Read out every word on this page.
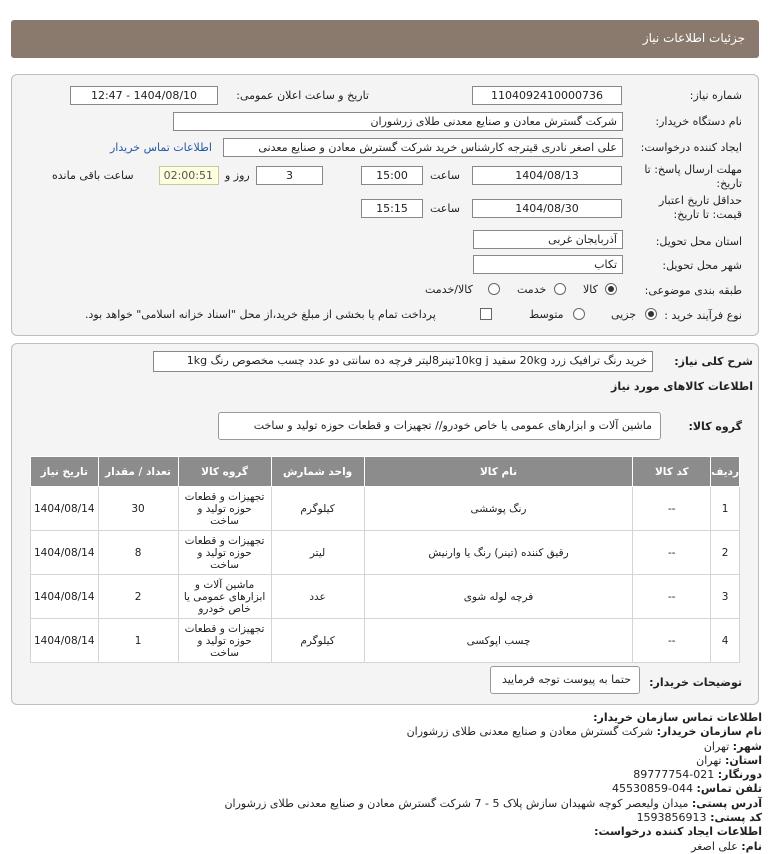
جزئیات اطلاعات نیاز
شماره نیاز:
1104092410000736
تاریخ و ساعت اعلان عمومی:
1404/08/10 - 12:47
نام دستگاه خریدار:
شرکت گسترش معادن و صنایع معدنی طلای زرشوران
ایجاد کننده درخواست:
علی اصغر نادری قیترجه کارشناس خرید شرکت گسترش معادن و صنایع معدنی
اطلاعات تماس خریدار
مهلت ارسال پاسخ: تا تاریخ:
1404/08/13
ساعت
15:00
3
روز و
02:00:51
ساعت باقی مانده
حداقل تاریخ اعتبار قیمت: تا تاریخ:
1404/08/30
ساعت
15:15
استان محل تحویل:
آذربایجان غربی
شهر محل تحویل:
تکاب
طبقه بندی موضوعی:
کالا
خدمت
کالا/خدمت
نوع فرآیند خرید :
جزیی
متوسط
پرداخت تمام یا بخشی از مبلغ خرید،از محل "اسناد خزانه اسلامی" خواهد بود.
شرح کلی نیاز:
خرید رنگ ترافیک زرد 20kg سفید 10kg jتینر8لیتر فرچه ده سانتی دو عدد چسب مخصوص رنگ 1kg
اطلاعات کالاهای مورد نیاز
گروه کالا:
ماشین آلات و ابزارهای عمومی یا خاص خودرو// تجهیزات و قطعات حوزه تولید و ساخت
ردیف	کد کالا	نام کالا	واحد شمارش	گروه کالا	تعداد / مقدار	تاریخ نیاز
1	--	رنگ پوششی	کیلوگرم	تجهیزات و قطعات حوزه تولید و ساخت	30	1404/08/14
2	--	رقیق کننده (تینر) رنگ یا وارنیش	لیتر	تجهیزات و قطعات حوزه تولید و ساخت	8	1404/08/14
3	--	فرچه لوله شوی	عدد	ماشین آلات و ابزارهای عمومی یا خاص خودرو	2	1404/08/14
4	--	چسب اپوکسی	کیلوگرم	تجهیزات و قطعات حوزه تولید و ساخت	1	1404/08/14
توضیحات خریدار:
حتما به پیوست توجه فرمایید
اطلاعات تماس سازمان خریدار:
نام سازمان خریدار: شرکت گسترش معادن و صنایع معدنی طلای زرشوران
شهر: تهران
استان: تهران
دورنگار: 021-89777754
تلفن تماس: 044-45530859
آدرس پستی: میدان ولیعصر کوچه شهیدان سازش پلاک 5 - 7 شرکت گسترش معادن و صنایع معدنی طلای زرشوران
کد پستی: 1593856913
اطلاعات ایجاد کننده درخواست:
نام: علی اصغر
